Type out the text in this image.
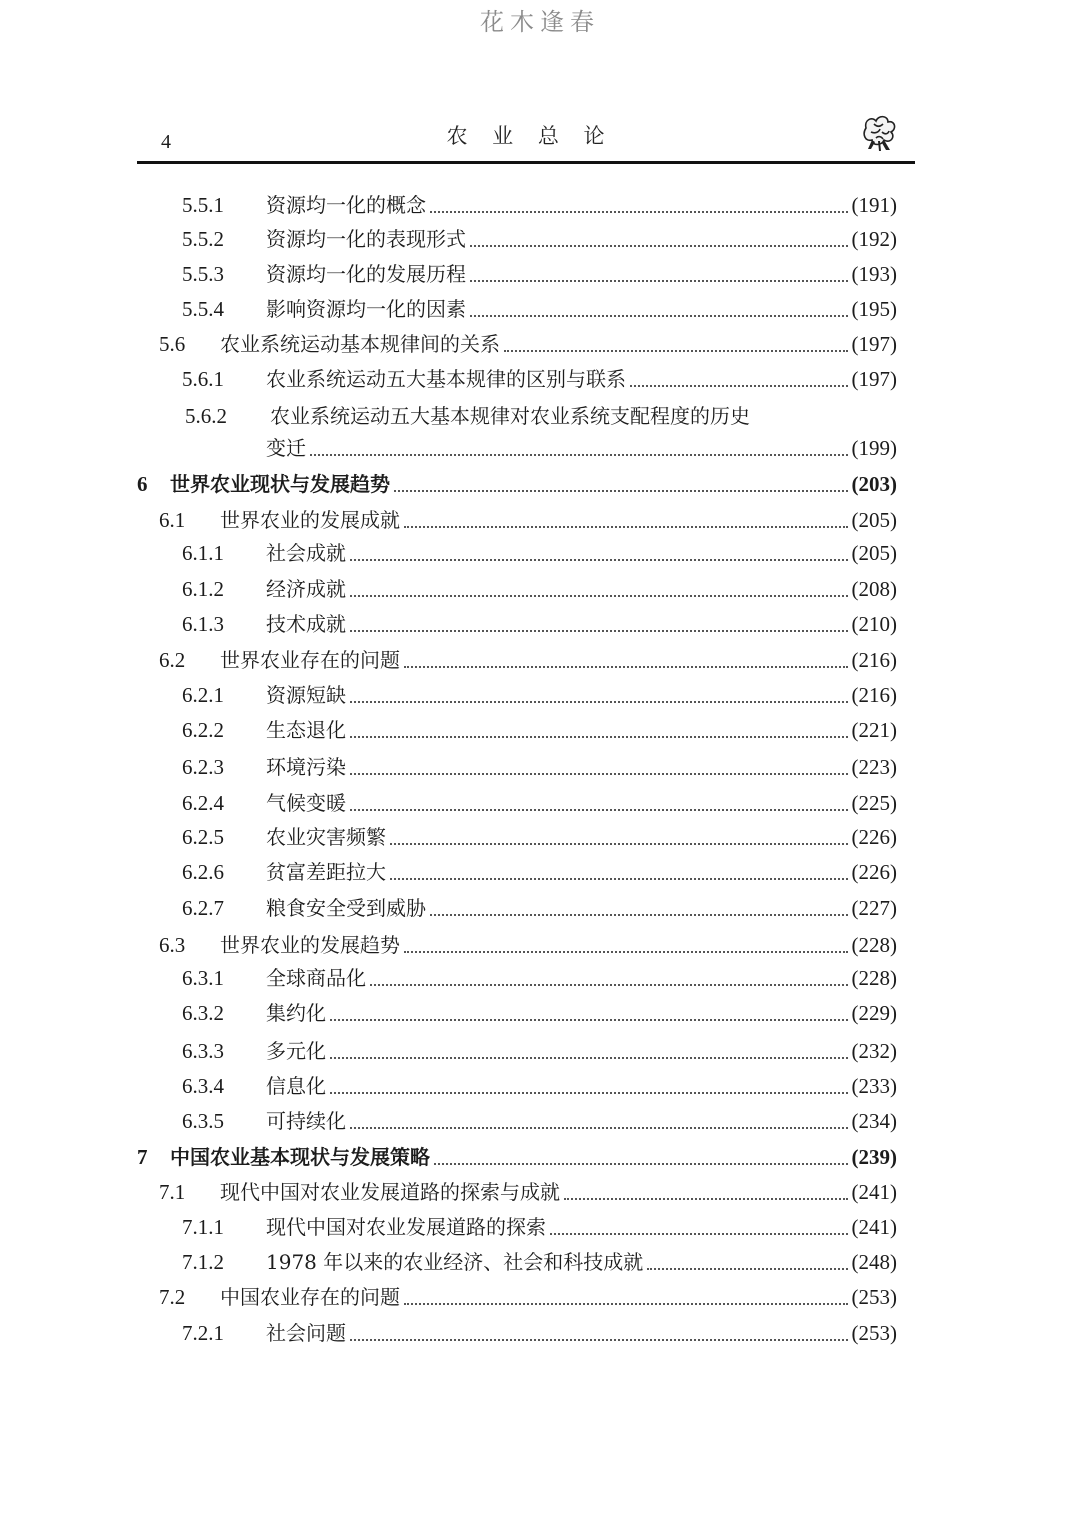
花木逢春
4	农 业 总 论
5.5.1 资源均一化的概念	(191)
5.5.2 资源均一化的表现形式	(192)
5.5.3 资源均一化的发展历程	(193)
5.5.4 影响资源均一化的因素	(195)
5.6 农业系统运动基本规律间的关系	(197)
5.6.1 农业系统运动五大基本规律的区别与联系	(197)
5.6.2 农业系统运动五大基本规律对农业系统支配程度的历史
变迁	(199)
6 世界农业现状与发展趋势	(203)
6.1 世界农业的发展成就	(205)
6.1.1 社会成就	(205)
6.1.2 经济成就	(208)
6.1.3 技术成就	(210)
6.2 世界农业存在的问题	(216)
6.2.1 资源短缺	(216)
6.2.2 生态退化	(221)
6.2.3 环境污染	(223)
6.2.4 气候变暖	(225)
6.2.5 农业灾害频繁	(226)
6.2.6 贫富差距拉大	(226)
6.2.7 粮食安全受到威胁	(227)
6.3 世界农业的发展趋势	(228)
6.3.1 全球商品化	(228)
6.3.2 集约化	(229)
6.3.3 多元化	(232)
6.3.4 信息化	(233)
6.3.5 可持续化	(234)
7 中国农业基本现状与发展策略	(239)
7.1 现代中国对农业发展道路的探索与成就	(241)
7.1.1 现代中国对农业发展道路的探索	(241)
7.1.2 1978 年以来的农业经济、社会和科技成就	(248)
7.2 中国农业存在的问题	(253)
7.2.1 社会问题	(253)
